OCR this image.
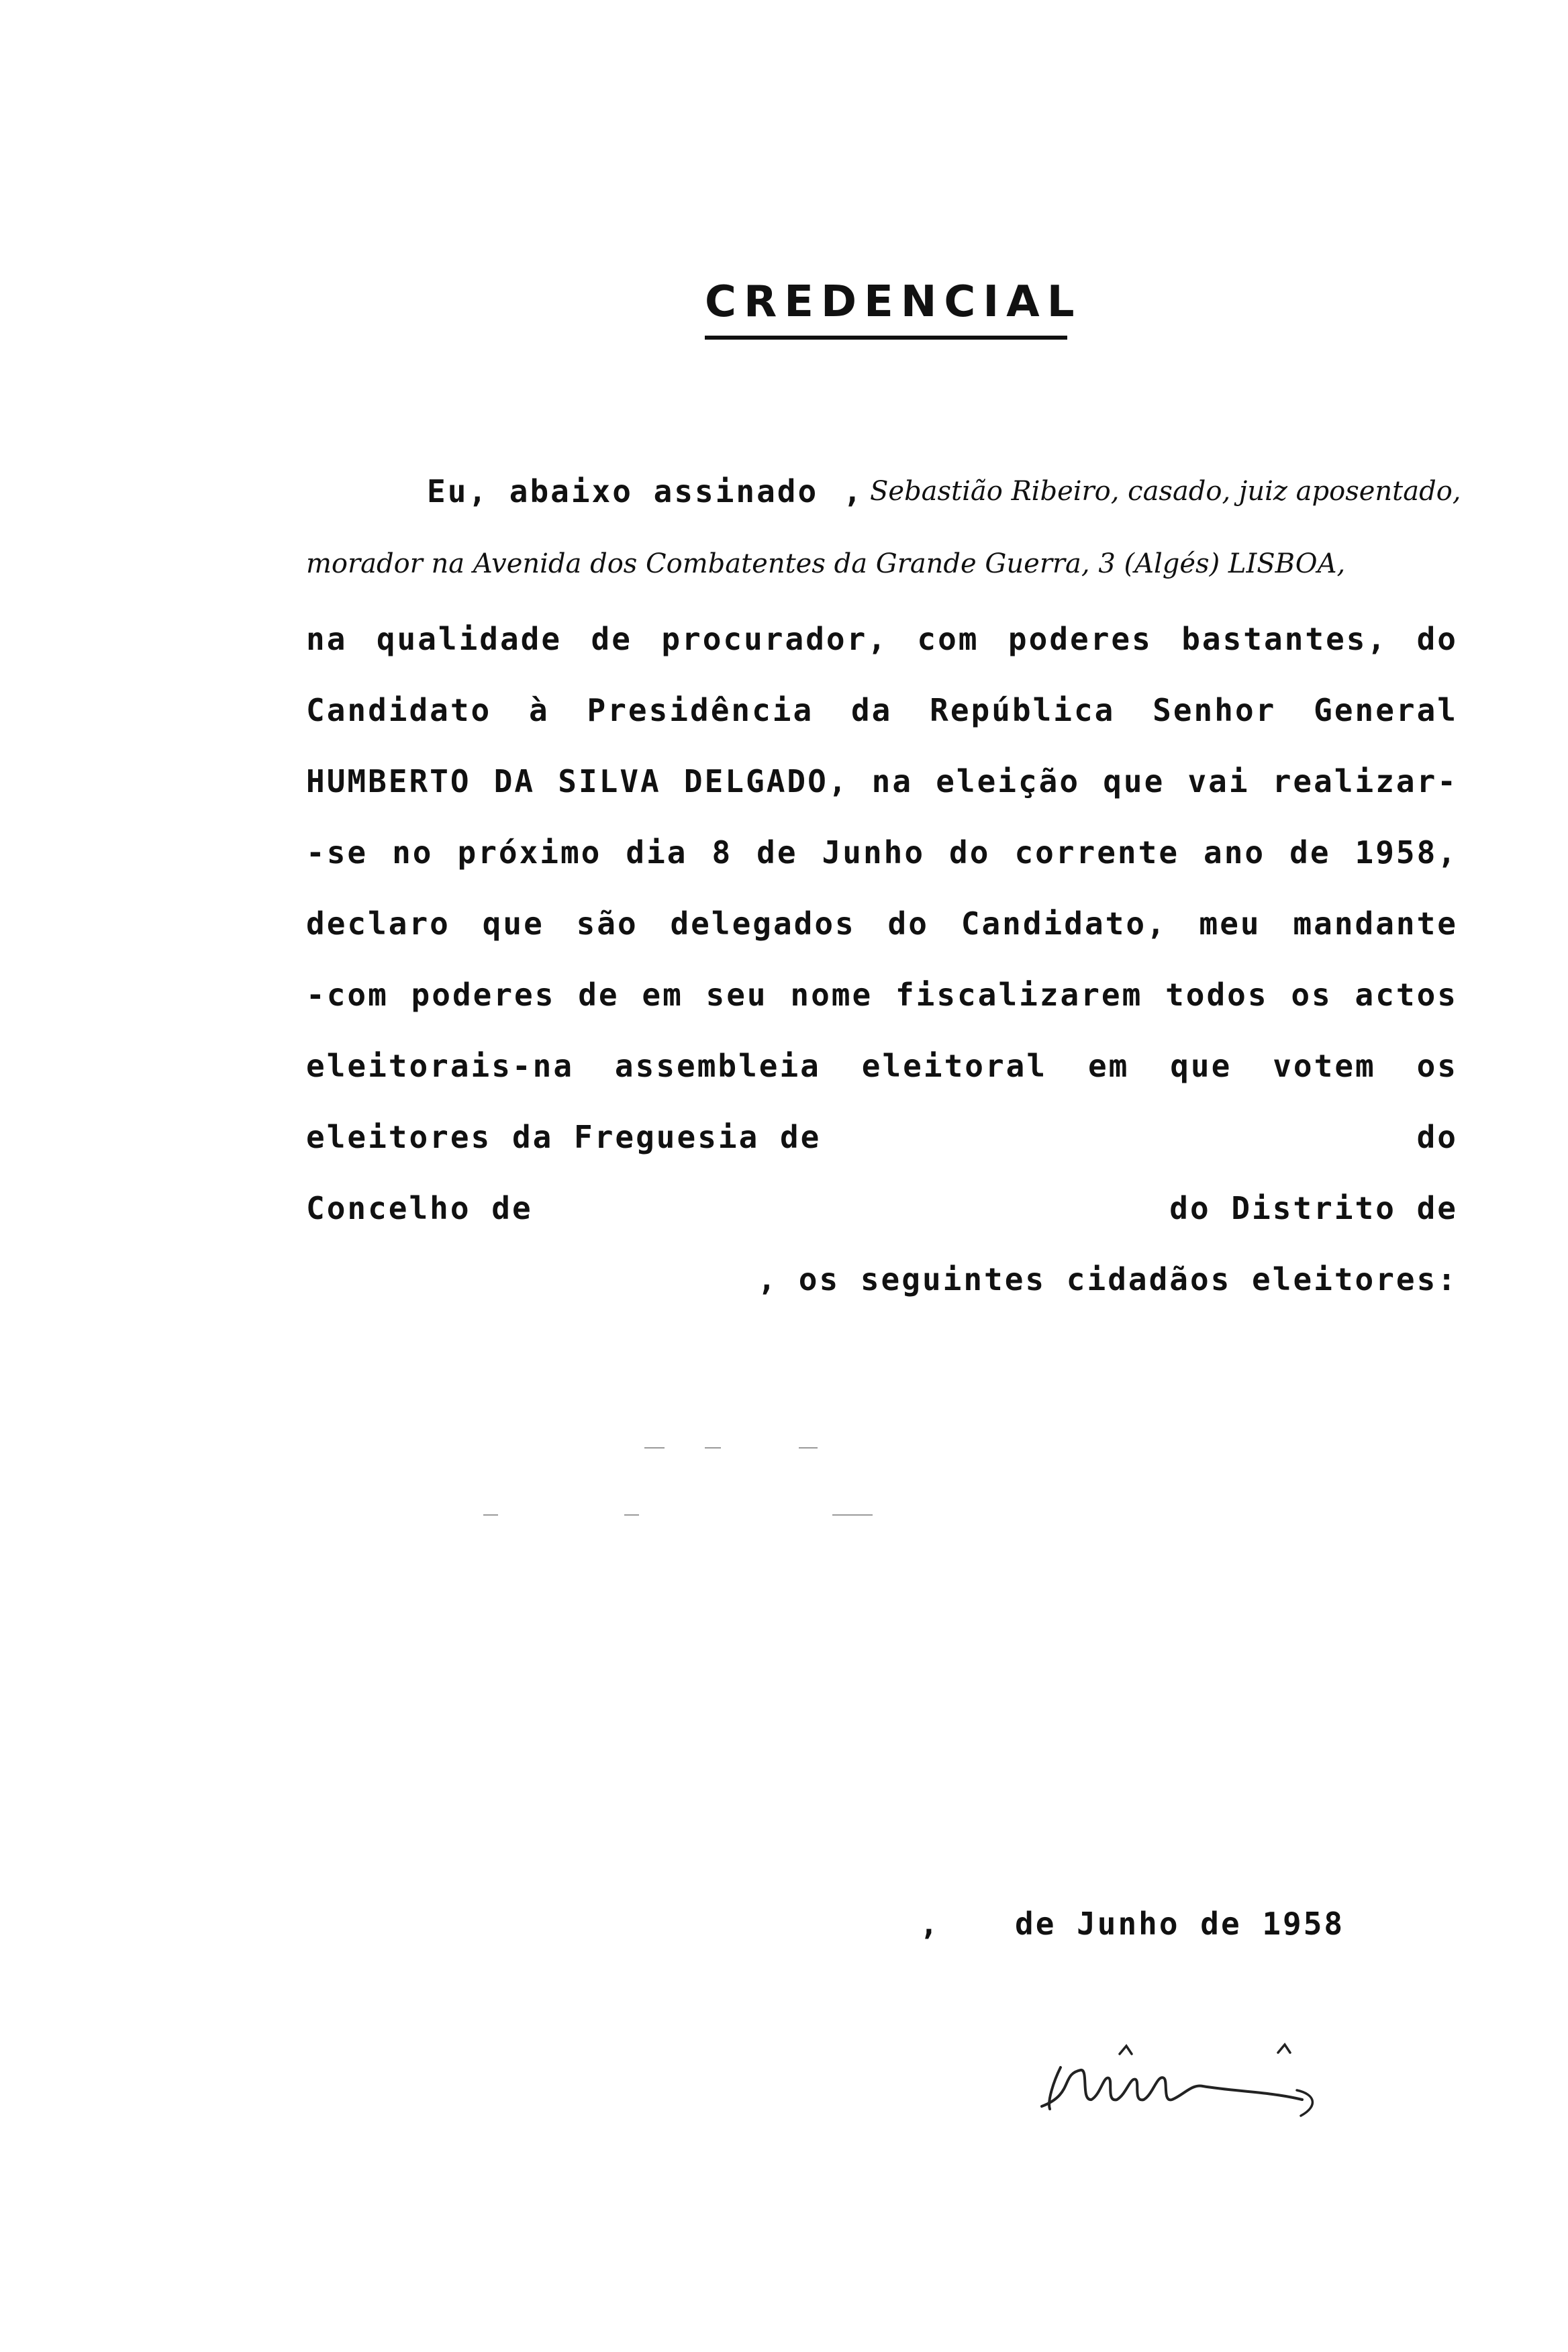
CREDENCIAL
Eu, abaixo assinado , Sebastião Ribeiro, casado, juiz aposentado,
morador na Avenida dos Combatentes da Grande Guerra, 3 (Algés) LISBOA,
na qualidade de procurador, com poderes bastantes, do
Candidato à Presidência da República Senhor General
HUMBERTO DA SILVA DELGADO, na eleição que vai realizar-
-se no próximo dia 8 de Junho do corrente ano de 1958,
declaro que são delegados do Candidato, meu mandante
-com poderes de em seu nome fiscalizarem todos os actos
eleitorais-na assembleia eleitoral em que votem os
eleitores da Freguesia de	do
Concelho de	do Distrito de
, os seguintes cidadãos eleitores:
, de Junho de 1958
